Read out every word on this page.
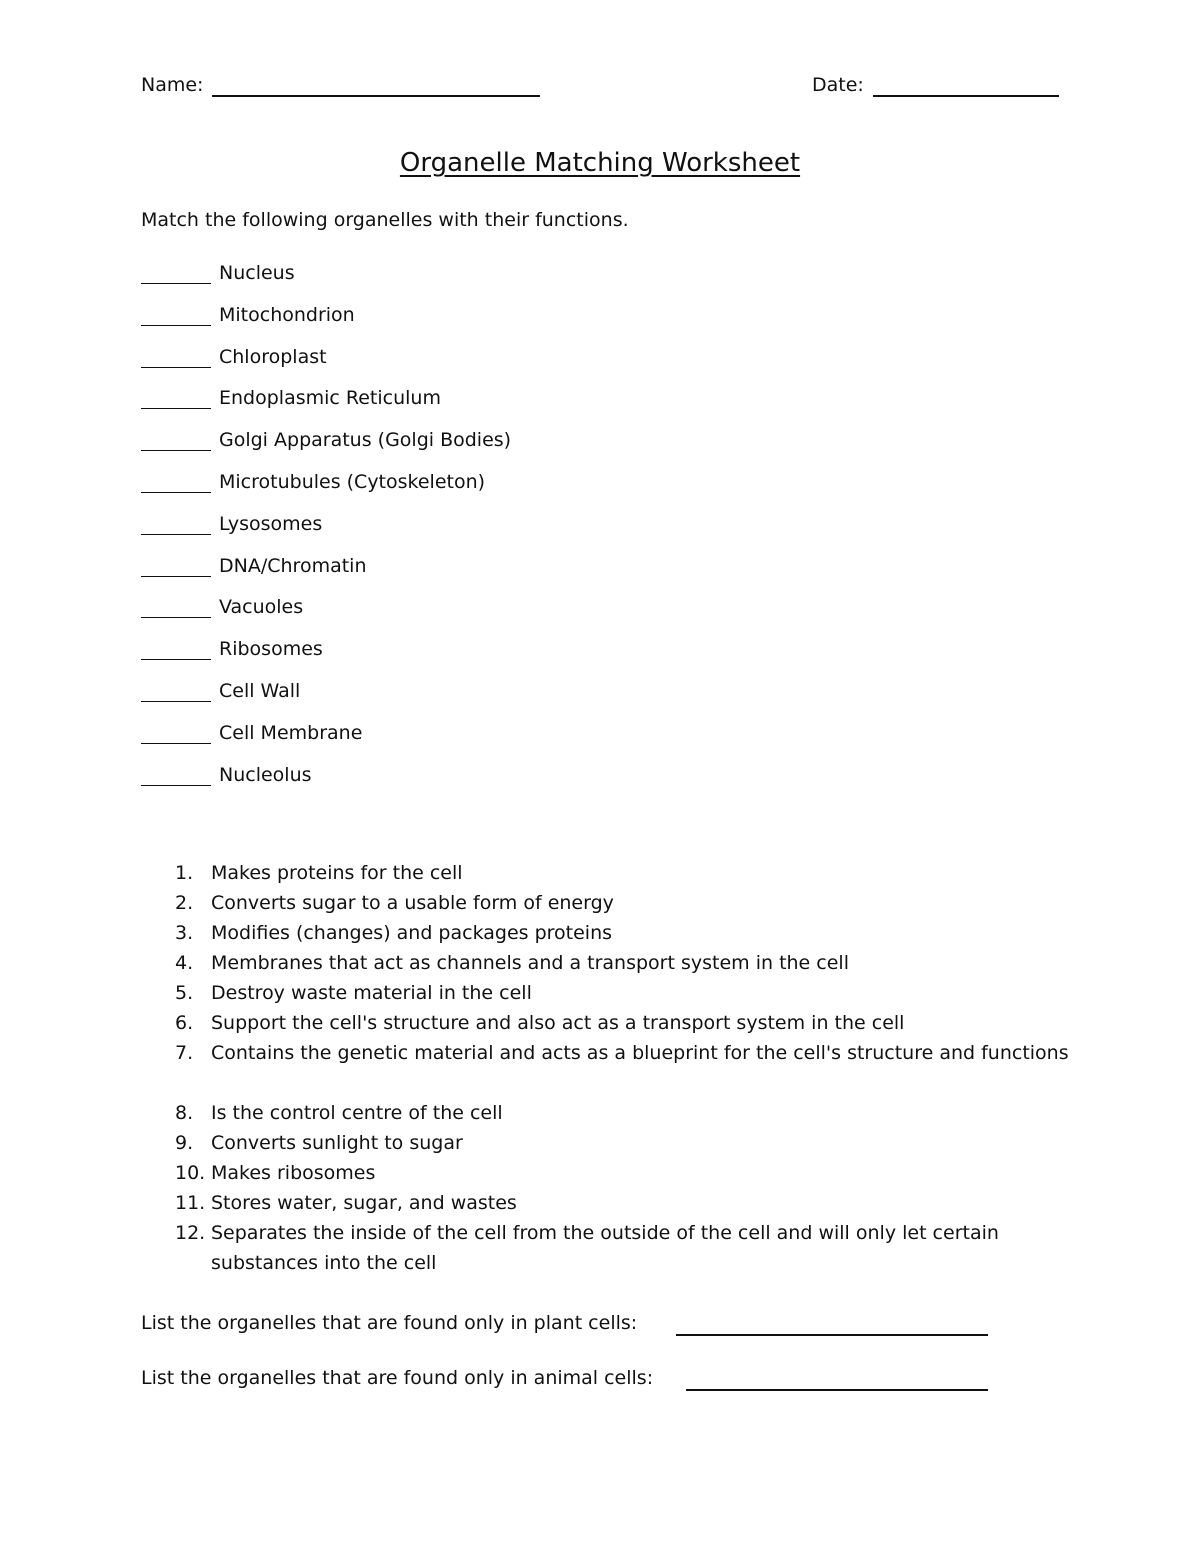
Name:	Date:
Organelle Matching Worksheet
Match the following organelles with their functions.
Nucleus
Mitochondrion
Chloroplast
Endoplasmic Reticulum
Golgi Apparatus (Golgi Bodies)
Microtubules (Cytoskeleton)
Lysosomes
DNA/Chromatin
Vacuoles
Ribosomes
Cell Wall
Cell Membrane
Nucleolus
1. Makes proteins for the cell
2. Converts sugar to a usable form of energy
3. Modifies (changes) and packages proteins
4. Membranes that act as channels and a transport system in the cell
5. Destroy waste material in the cell
6. Support the cell's structure and also act as a transport system in the cell
7. Contains the genetic material and acts as a blueprint for the cell's structure and functions
8. Is the control centre of the cell
9. Converts sunlight to sugar
10. Makes ribosomes
11. Stores water, sugar, and wastes
12. Separates the inside of the cell from the outside of the cell and will only let certain substances into the cell
List the organelles that are found only in plant cells:
List the organelles that are found only in animal cells:
